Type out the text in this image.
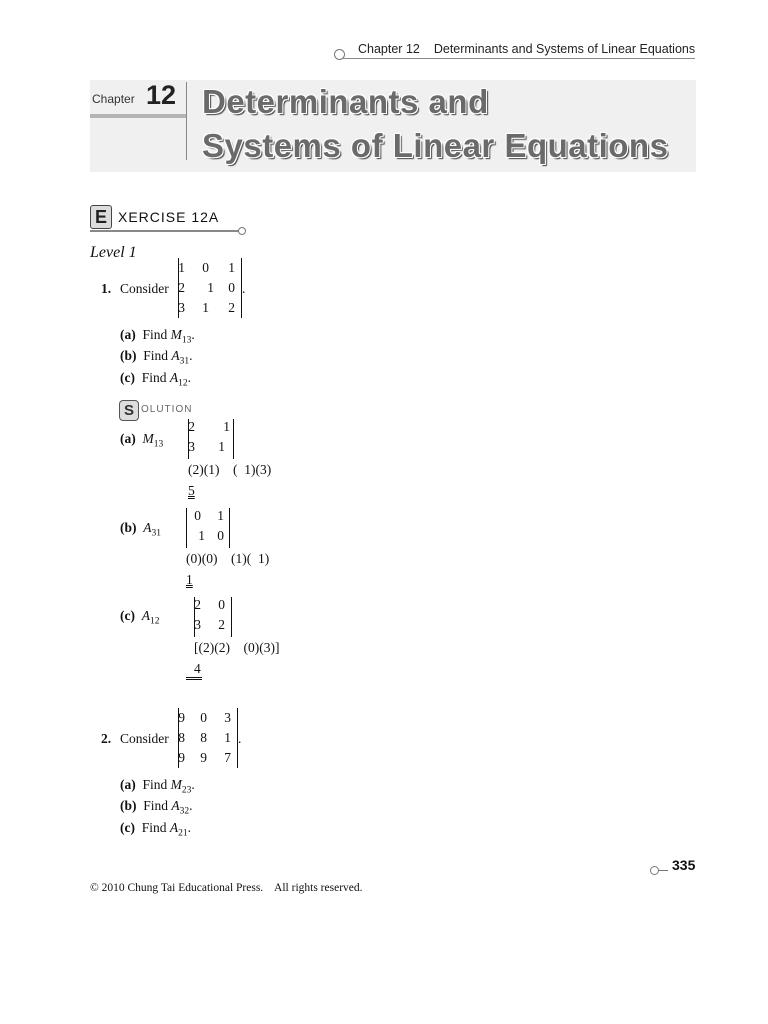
Chapter 12 Determinants and Systems of Linear Equations
Chapter 12 Determinants and
Systems of Linear Equations
E XERCISE 12A
Level 1
1. Consider
1	0	1
2	1	0
3	1	2
.
(a) Find $M_{13}$.
(b) Find $A_{31}$.
(c) Find $A_{12}$.
S OLUTION
(a) $M_{13}$
2	1
3	1
(2)(1)    (  1)(3)
5
(b) $A_{31}$
0	1
1 0
(0)(0)    (1)(  1)
1
(c) $A_{12}$
2	0
3	2
[(2)(2)    (0)(3)]
4
2. Consider
9	0	3
8	8	1
9	9	7
.
(a) Find $M_{23}$.
(b) Find $A_{32}$.
(c) Find $A_{21}$.
335
© 2010 Chung Tai Educational Press.    All rights reserved.
